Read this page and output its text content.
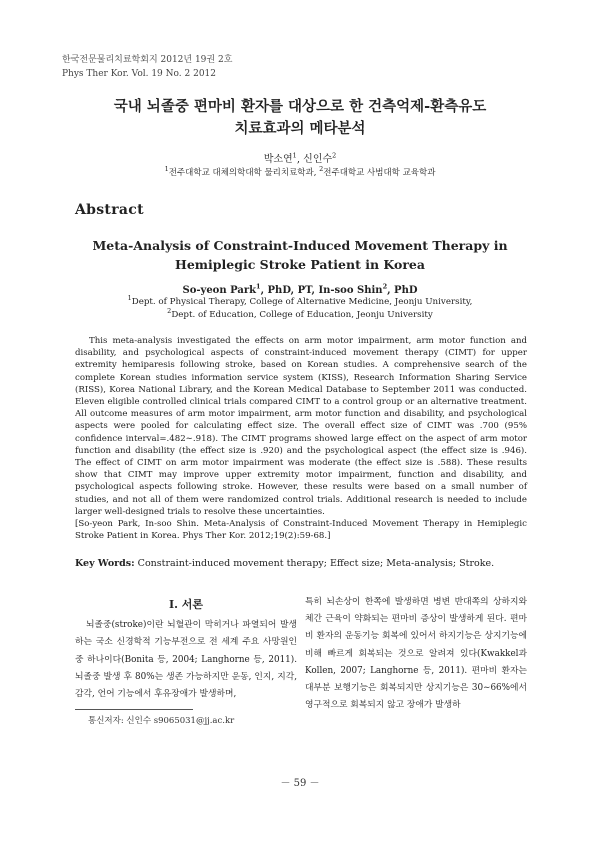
한국전문물리치료학회지 2012년 19권 2호
Phys Ther Kor. Vol. 19 No. 2 2012
국내 뇌졸중 편마비 환자를 대상으로 한 건측억제-환측유도
치료효과의 메타분석
박소연$^1$, 신인수$^2$
$^1$전주대학교 대체의학대학 물리치료학과, $^2$전주대학교 사범대학 교육학과
Abstract
Meta-Analysis of Constraint-Induced Movement Therapy in
Hemiplegic Stroke Patient in Korea
So-yeon Park$^1$, PhD, PT, In-soo Shin$^2$, PhD
$^1$Dept. of Physical Therapy, College of Alternative Medicine, Jeonju University,
$^2$Dept. of Education, College of Education, Jeonju University

This meta-analysis investigated the effects on arm motor impairment, arm motor function and disability, and psychological aspects of constraint-induced movement therapy (CIMT) for upper extremity hemiparesis following stroke, based on Korean studies. A comprehensive search of the complete Korean studies information service system (KISS), Research Information Sharing Service (RISS), Korea National Library, and the Korean Medical Database to September 2011 was conducted. Eleven eligible controlled clinical trials compared CIMT to a control group or an alternative treatment. All outcome measures of arm motor impairment, arm motor function and disability, and psychological aspects were pooled for calculating effect size. The overall effect size of CIMT was .700 (95% confidence interval=.482∼.918). The CIMT programs showed large effect on the aspect of arm motor function and disability (the effect size is .920) and the psychological aspect (the effect size is .946). The effect of CIMT on arm motor impairment was moderate (the effect size is .588). These results show that CIMT may improve upper extremity motor impairment, function and disability, and psychological aspects following stroke. However, these results were based on a small number of studies, and not all of them were randomized control trials. Additional research is needed to include larger well-designed trials to resolve these uncertainties.

[So-yeon Park, In-soo Shin. Meta-Analysis of Constraint-Induced Movement Therapy in Hemiplegic Stroke Patient in Korea. Phys Ther Kor. 2012;19(2):59-68.]

Key Words: Constraint-induced movement therapy; Effect size; Meta-analysis; Stroke.
Ⅰ. 서론

뇌졸중(stroke)이란 뇌혈관이 막히거나 파열되어 발생하는 국소 신경학적 기능부전으로 전 세계 주요 사망원인 중 하나이다(Bonita 등, 2004; Langhorne 등, 2011). 뇌졸중 발생 후 80%는 생존 가능하지만 운동, 인지, 지각, 감각, 언어 기능에서 후유장애가 발생하며,

특히 뇌손상이 한쪽에 발생하면 병변 반대쪽의 상하지와 체간 근육이 약화되는 편마비 증상이 발생하게 된다. 편마비 환자의 운동기능 회복에 있어서 하지기능은 상지기능에 비해 빠르게 회복되는 것으로 알려져 있다(Kwakkel과 Kollen, 2007; Langhorne 등, 2011). 편마비 환자는 대부분 보행기능은 회복되지만 상지기능은 30∼66%에서 영구적으로 회복되지 않고 장애가 발생하

통신저자: 신인수 s9065031@jj.ac.kr
－ 59 －
